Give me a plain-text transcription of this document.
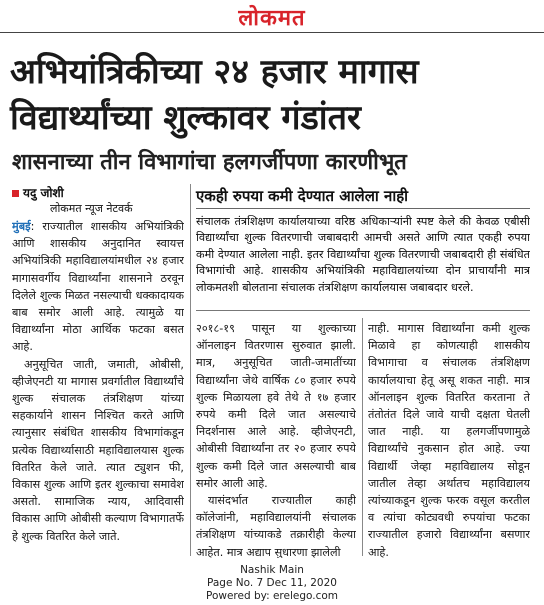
लोकमत
अभियांत्रिकीच्या २४ हजार मागास
विद्यार्थ्यांच्या शुल्कावर गंडांतर
शासनाच्या तीन विभागांचा हलगर्जीपणा कारणीभूत
यदु जोशी
लोकमत न्यूज नेटवर्क
एकही रुपया कमी देण्यात आलेला नाही
संचालक तंत्रशिक्षण कार्यालयाच्या वरिष्ठ अधिकाऱ्यांनी स्पष्ट केले की केवळ एबीसी विद्यार्थ्यांचा शुल्क वितरणाची जबाबदारी आमची असते आणि त्यात एकही रुपया कमी देण्यात आलेला नाही. इतर विद्यार्थ्यांचा शुल्क वितरणाची जबाबदारी ही संबंधित विभागांची आहे. शासकीय अभियांत्रिकी महाविद्यालयांच्या दोन प्राचार्यांनी मात्र लोकमतशी बोलताना संचालक तंत्रशिक्षण कार्यालयास जबाबदार धरले.

मुंबई: राज्यातील शासकीय अभियांत्रिकी आणि शासकीय अनुदानित स्वायत्त अभियांत्रिकी महाविद्यालयांमधील २४ हजार मागासवर्गीय विद्यार्थ्यांना शासनाने ठरवून दिलेले शुल्क मिळत नसल्याची धक्कादायक बाब समोर आली आहे. त्यामुळे या विद्यार्थ्यांना मोठा आर्थिक फटका बसत आहे.

अनुसूचित जाती, जमाती, ओबीसी, व्हीजेएनटी या मागास प्रवर्गातील विद्यार्थ्यांचे शुल्क संचालक तंत्रशिक्षण यांच्या सहकार्याने शासन निश्चित करते आणि त्यानुसार संबंधित शासकीय विभागांकडून प्रत्येक विद्यार्थ्यासाठी महाविद्यालयास शुल्क वितरित केले जाते. त्यात ट्युशन फी, विकास शुल्क आणि इतर शुल्काचा समावेश असतो. सामाजिक न्याय, आदिवासी विकास आणि ओबीसी कल्याण विभागातर्फे हे शुल्क वितरित केले जाते.

२०१८-१९ पासून या शुल्काच्या ऑनलाइन वितरणास सुरुवात झाली. मात्र, अनुसूचित जाती-जमातींच्या विद्यार्थ्यांना जेथे वार्षिक ८० हजार रुपये शुल्क मिळायला हवे तेथे ते १७ हजार रुपये कमी दिले जात असल्याचे निदर्शनास आले आहे. व्हीजेएनटी, ओबीसी विद्यार्थ्यांना तर २० हजार रुपये शुल्क कमी दिले जात असल्याची बाब समोर आली आहे.

यासंदर्भात राज्यातील काही कॉलेजांनी, महाविद्यालयांनी संचालक तंत्रशिक्षण यांच्याकडे तक्रारीही केल्या आहेत. मात्र अद्याप सुधारणा झालेली

नाही. मागास विद्यार्थ्यांना कमी शुल्क मिळावे हा कोणत्याही शासकीय विभागाचा व संचालक तंत्रशिक्षण कार्यालयाचा हेतू असू शकत नाही. मात्र ऑनलाइन शुल्क वितरित करताना ते तंतोतंत दिले जावे याची दक्षता घेतली जात नाही. या हलगर्जीपणामुळे विद्यार्थ्यांचे नुकसान होत आहे. ज्या विद्यार्थी जेव्हा महाविद्यालय सोडून जातील तेव्हा अर्थातच महाविद्यालय त्यांच्याकडून शुल्क फरक वसूल करतील व त्यांचा कोट्यवधी रुपयांचा फटका राज्यातील हजारो विद्यार्थ्यांना बसणार आहे.

Nashik Main
Page No. 7 Dec 11, 2020
Powered by: erelego.com
